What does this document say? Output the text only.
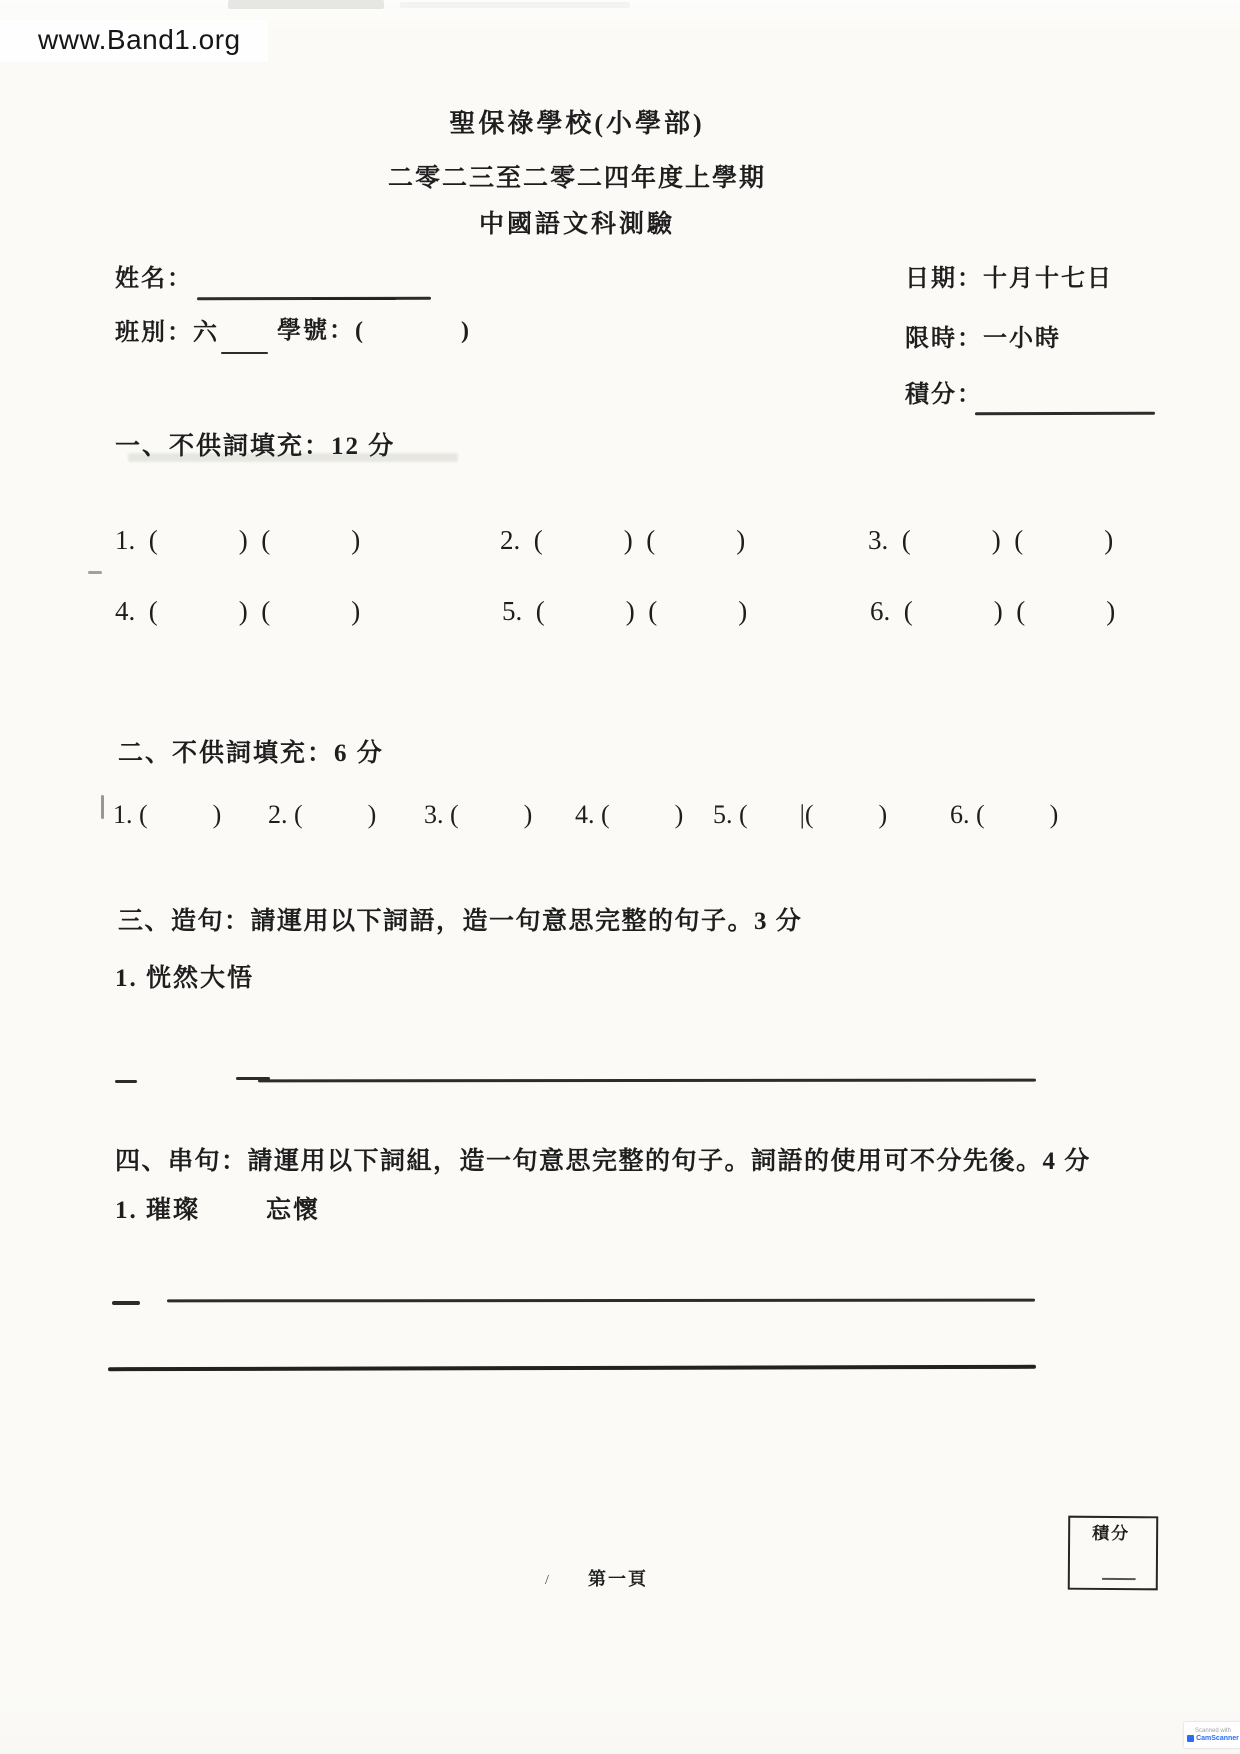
www.Band1.org
聖保祿學校(小學部)
二零二三至二零二四年度上學期
中國語文科測驗
姓名：
班別：六 學號：(            )
日期：十月十七日
限時：一小時
積分：
一、不供詞填充：12 分
1.  (            )  (            )	2.  (            )  (            )	3.  (            )  (            )
4.  (            )  (            )	5.  (            )  (            )	6.  (            )  (            )
二、不供詞填充：6 分
1. (          ) 2. (          ) 3. (          ) 4. (          ) 5. (        |(          ) 6. (          )
三、造句：請運用以下詞語，造一句意思完整的句子。3 分
1. 恍然大悟
四、串句：請運用以下詞組，造一句意思完整的句子。詞語的使用可不分先後。4 分
1. 璀璨        忘懷
積分
/ 第一頁
Scanned with
CamScanner
